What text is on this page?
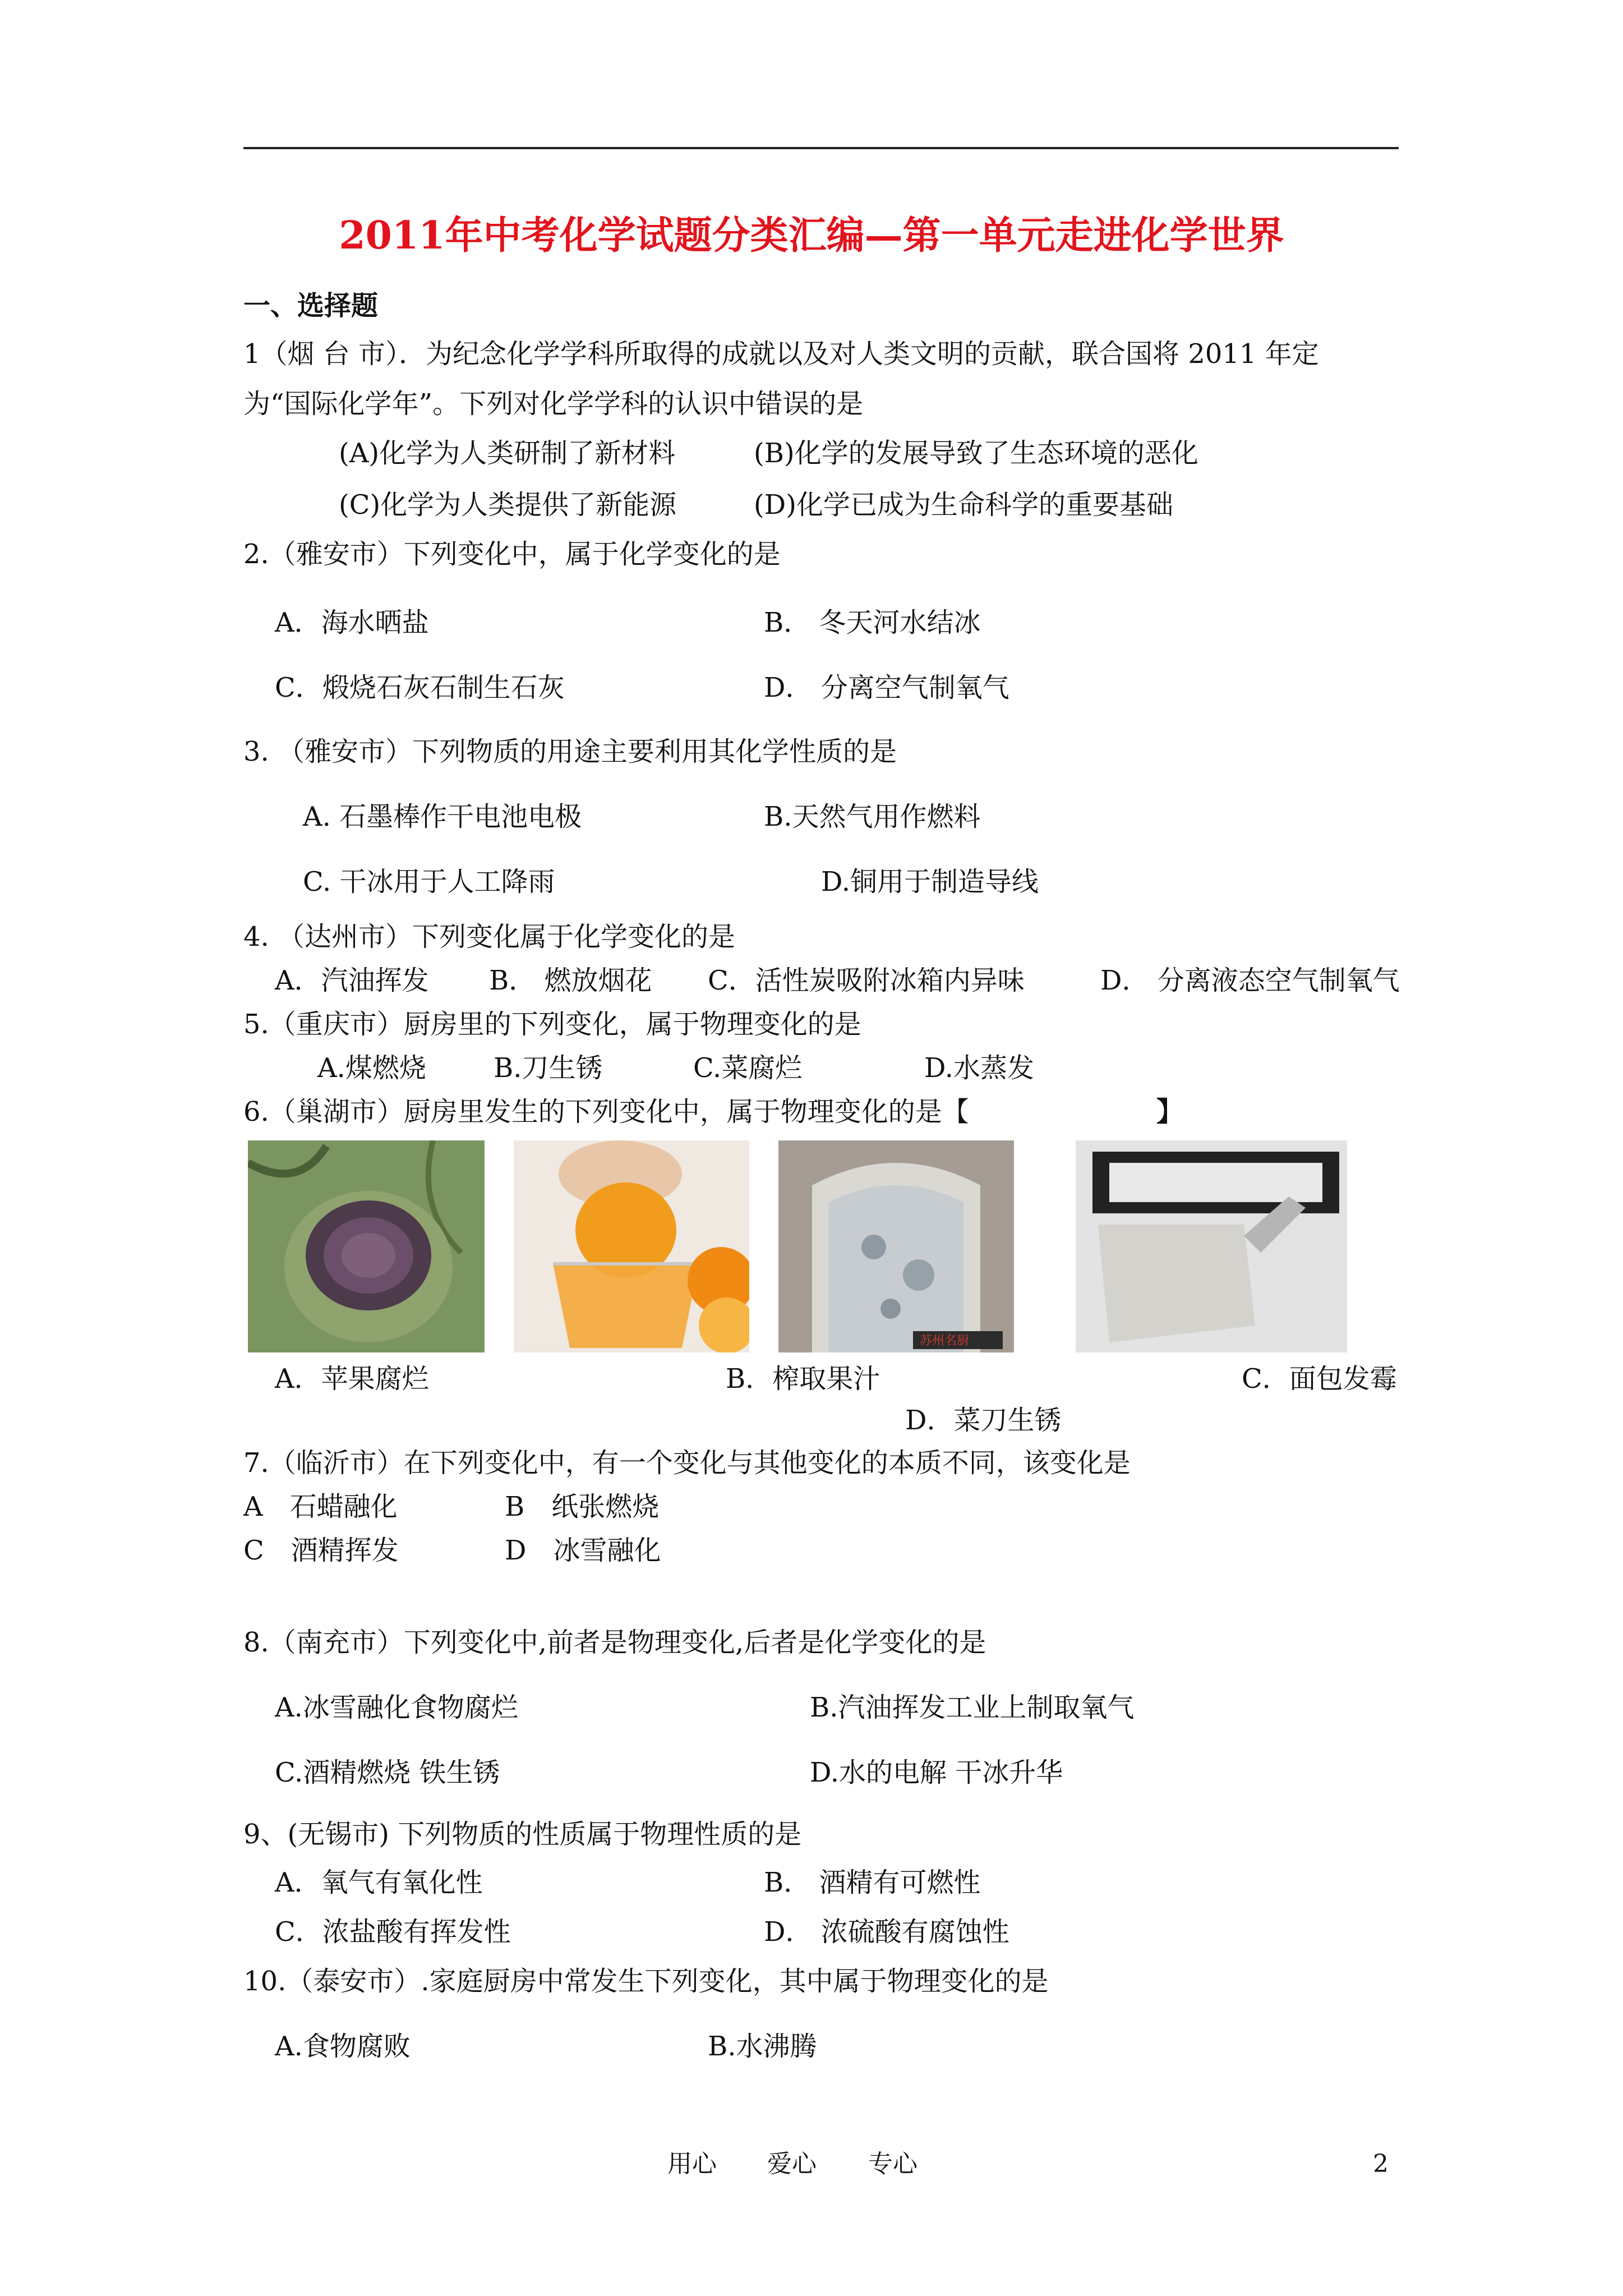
2011年中考化学试题分类汇编—第一单元走进化学世界
一、选择题
1（烟 台 市）．为纪念化学学科所取得的成就以及对人类文明的贡献，联合国将 2011 年定
为“国际化学年”。下列对化学学科的认识中错误的是
(A)化学为人类研制了新材料	(B)化学的发展导致了生态环境的恶化
(C)化学为人类提供了新能源	(D)化学已成为生命科学的重要基础
2.（雅安市）下列变化中，属于化学变化的是
A．海水晒盐	B． 冬天河水结冰
C．煅烧石灰石制生石灰	D． 分离空气制氧气
3. （雅安市）下列物质的用途主要利用其化学性质的是
A. 石墨棒作干电池电极	B.天然气用作燃料
C. 干冰用于人工降雨	D.铜用于制造导线
4. （达州市）下列变化属于化学变化的是
A．汽油挥发 B． 燃放烟花 C．活性炭吸附冰箱内异味	D． 分离液态空气制氧气
5.（重庆市）厨房里的下列变化，属于物理变化的是
A.煤燃烧	B.刀生锈	C.菜腐烂	D.水蒸发
6.（巢湖市）厨房里发生的下列变化中，属于物理变化的是【	】
苏州名厨
A．苹果腐烂	B．榨取果汁	C．面包发霉
D．菜刀生锈
7.（临沂市）在下列变化中，有一个变化与其他变化的本质不同，该变化是
A　石蜡融化	B　纸张燃烧
C　酒精挥发	D　冰雪融化
8.（南充市）下列变化中,前者是物理变化,后者是化学变化的是
A.冰雪融化食物腐烂	B.汽油挥发工业上制取氧气
C.酒精燃烧 铁生锈	D.水的电解 干冰升华
9、(无锡市) 下列物质的性质属于物理性质的是
A．氧气有氧化性	B． 酒精有可燃性
C．浓盐酸有挥发性	D． 浓硫酸有腐蚀性
10.（泰安市）.家庭厨房中常发生下列变化，其中属于物理变化的是
A.食物腐败	B.水沸腾
用心 爱心 专心	2
